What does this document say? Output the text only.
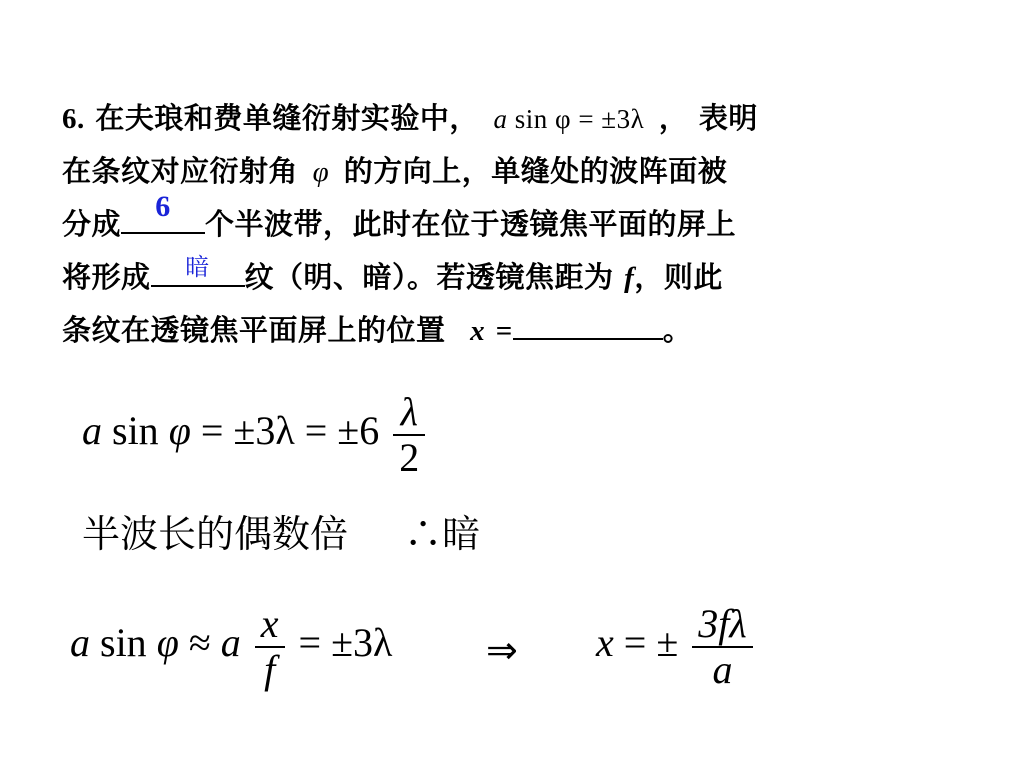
6. 在夫琅和费单缝衍射实验中， a sin φ = ±3λ ， 表明
在条纹对应衍射角 φ 的方向上，单缝处的波阵面被
分成
6
个半波带，此时在位于透镜焦平面的屏上
将形成	暗	纹（明、暗）。若透镜焦距为 f，则此
条纹在透镜焦平面屏上的位置 x =	。
a $\sin \varphi = \pm 3\lambda = \pm 6 \frac{\lambda}{2}$
半波长的偶数倍 ∴暗
a sin φ ≈ a $\frac{x}{f} = \pm 3\lambda$ ⇒ x = ± $\frac{3f\lambda}{a}$
